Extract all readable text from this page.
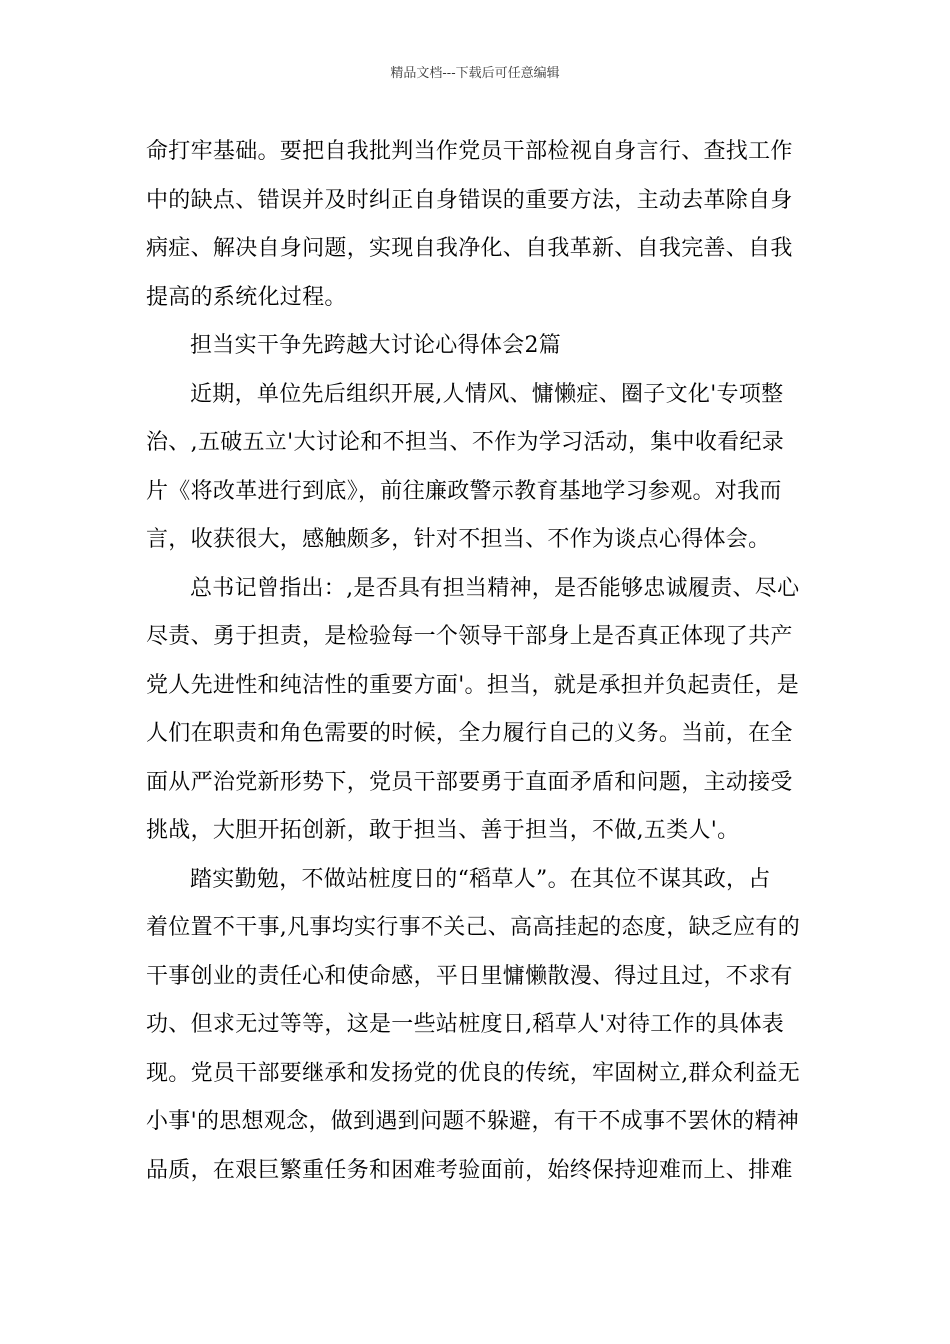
精品文档---下载后可任意编辑
命打牢基础。要把自我批判当作党员干部检视自身言行、查找工作
中的缺点、错误并及时纠正自身错误的重要方法，主动去革除自身
病症、解决自身问题，实现自我净化、自我革新、自我完善、自我
提高的系统化过程。
担当实干争先跨越大讨论心得体会2篇
近期，单位先后组织开展,人情风、慵懒症、圈子文化'专项整
治、,五破五立'大讨论和不担当、不作为学习活动，集中收看纪录
片《将改革进行到底》，前往廉政警示教育基地学习参观。对我而
言，收获很大，感触颇多，针对不担当、不作为谈点心得体会。
总书记曾指出：,是否具有担当精神，是否能够忠诚履责、尽心
尽责、勇于担责，是检验每一个领导干部身上是否真正体现了共产
党人先进性和纯洁性的重要方面'。担当，就是承担并负起责任，是
人们在职责和角色需要的时候，全力履行自己的义务。当前，在全
面从严治党新形势下，党员干部要勇于直面矛盾和问题，主动接受
挑战，大胆开拓创新，敢于担当、善于担当，不做,五类人'。
踏实勤勉，不做站桩度日的“稻草人”。在其位不谋其政，占
着位置不干事,凡事均实行事不关己、高高挂起的态度，缺乏应有的
干事创业的责任心和使命感，平日里慵懒散漫、得过且过，不求有
功、但求无过等等，这是一些站桩度日,稻草人'对待工作的具体表
现。党员干部要继承和发扬党的优良的传统，牢固树立,群众利益无
小事'的思想观念，做到遇到问题不躲避，有干不成事不罢休的精神
品质，在艰巨繁重任务和困难考验面前，始终保持迎难而上、排难
